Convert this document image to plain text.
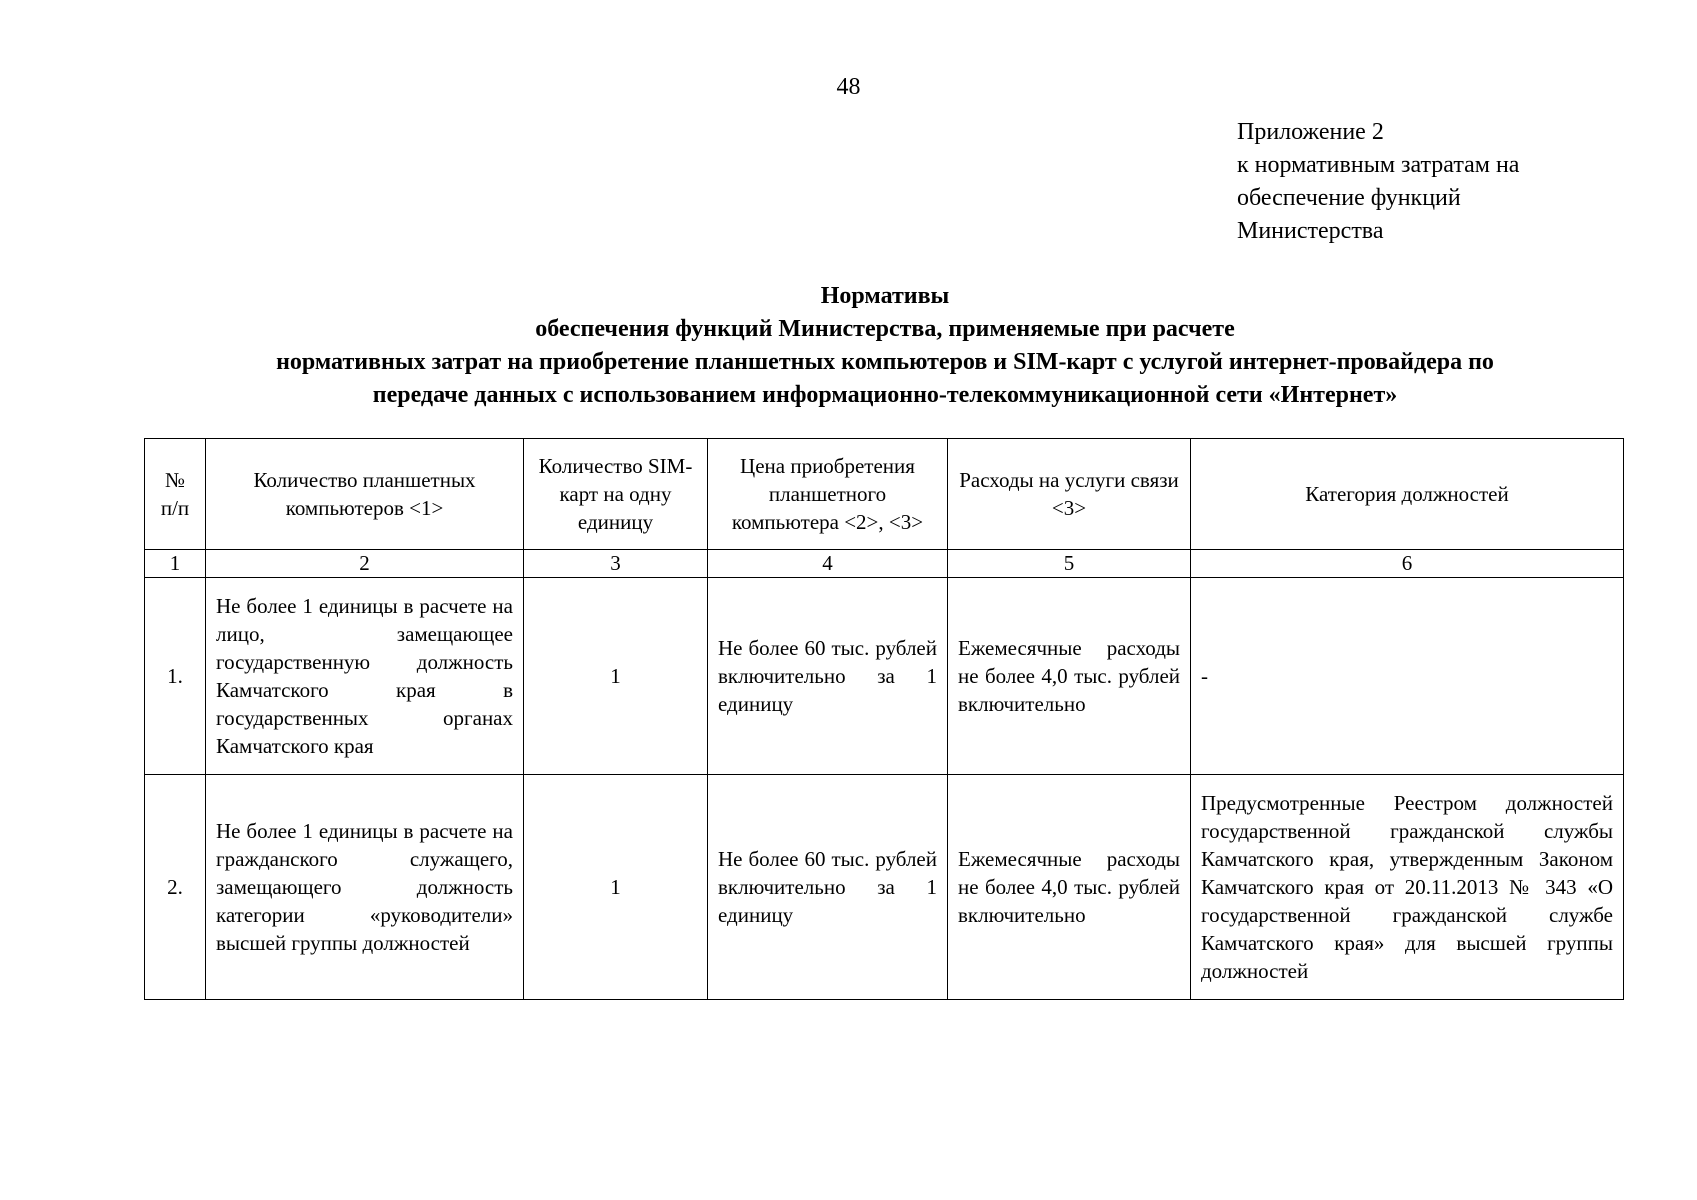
48
Приложение 2
к нормативным затратам на
обеспечение функций
Министерства
Нормативы
обеспечения функций Министерства, применяемые при расчете
нормативных затрат на приобретение планшетных компьютеров и SIM-карт с услугой интернет-провайдера по
передаче данных с использованием информационно-телекоммуникационной сети «Интернет»
№ п/п	Количество планшетных компьютеров <1>	Количество SIM-карт на одну единицу	Цена приобретения планшетного компьютера <2>, <3>	Расходы на услуги связи <3>	Категория должностей
1	2	3	4	5	6
1.	Не более 1 единицы в расчете на лицо, замещающее государственную должность Камчатского края в государственных органах Камчатского края	1	Не более 60 тыс. рублей включительно за 1 единицу	Ежемесячные расходы не более 4,0 тыс. рублей включительно	-
2.	Не более 1 единицы в расчете на гражданского служащего, замещающего должность категории «руководители» высшей группы должностей	1	Не более 60 тыс. рублей включительно за 1 единицу	Ежемесячные расходы не более 4,0 тыс. рублей включительно	Предусмотренные Реестром должностей государственной гражданской службы Камчатского края, утвержденным Законом Камчатского края от 20.11.2013 № 343 «О государственной гражданской службе Камчатского края» для высшей группы должностей
